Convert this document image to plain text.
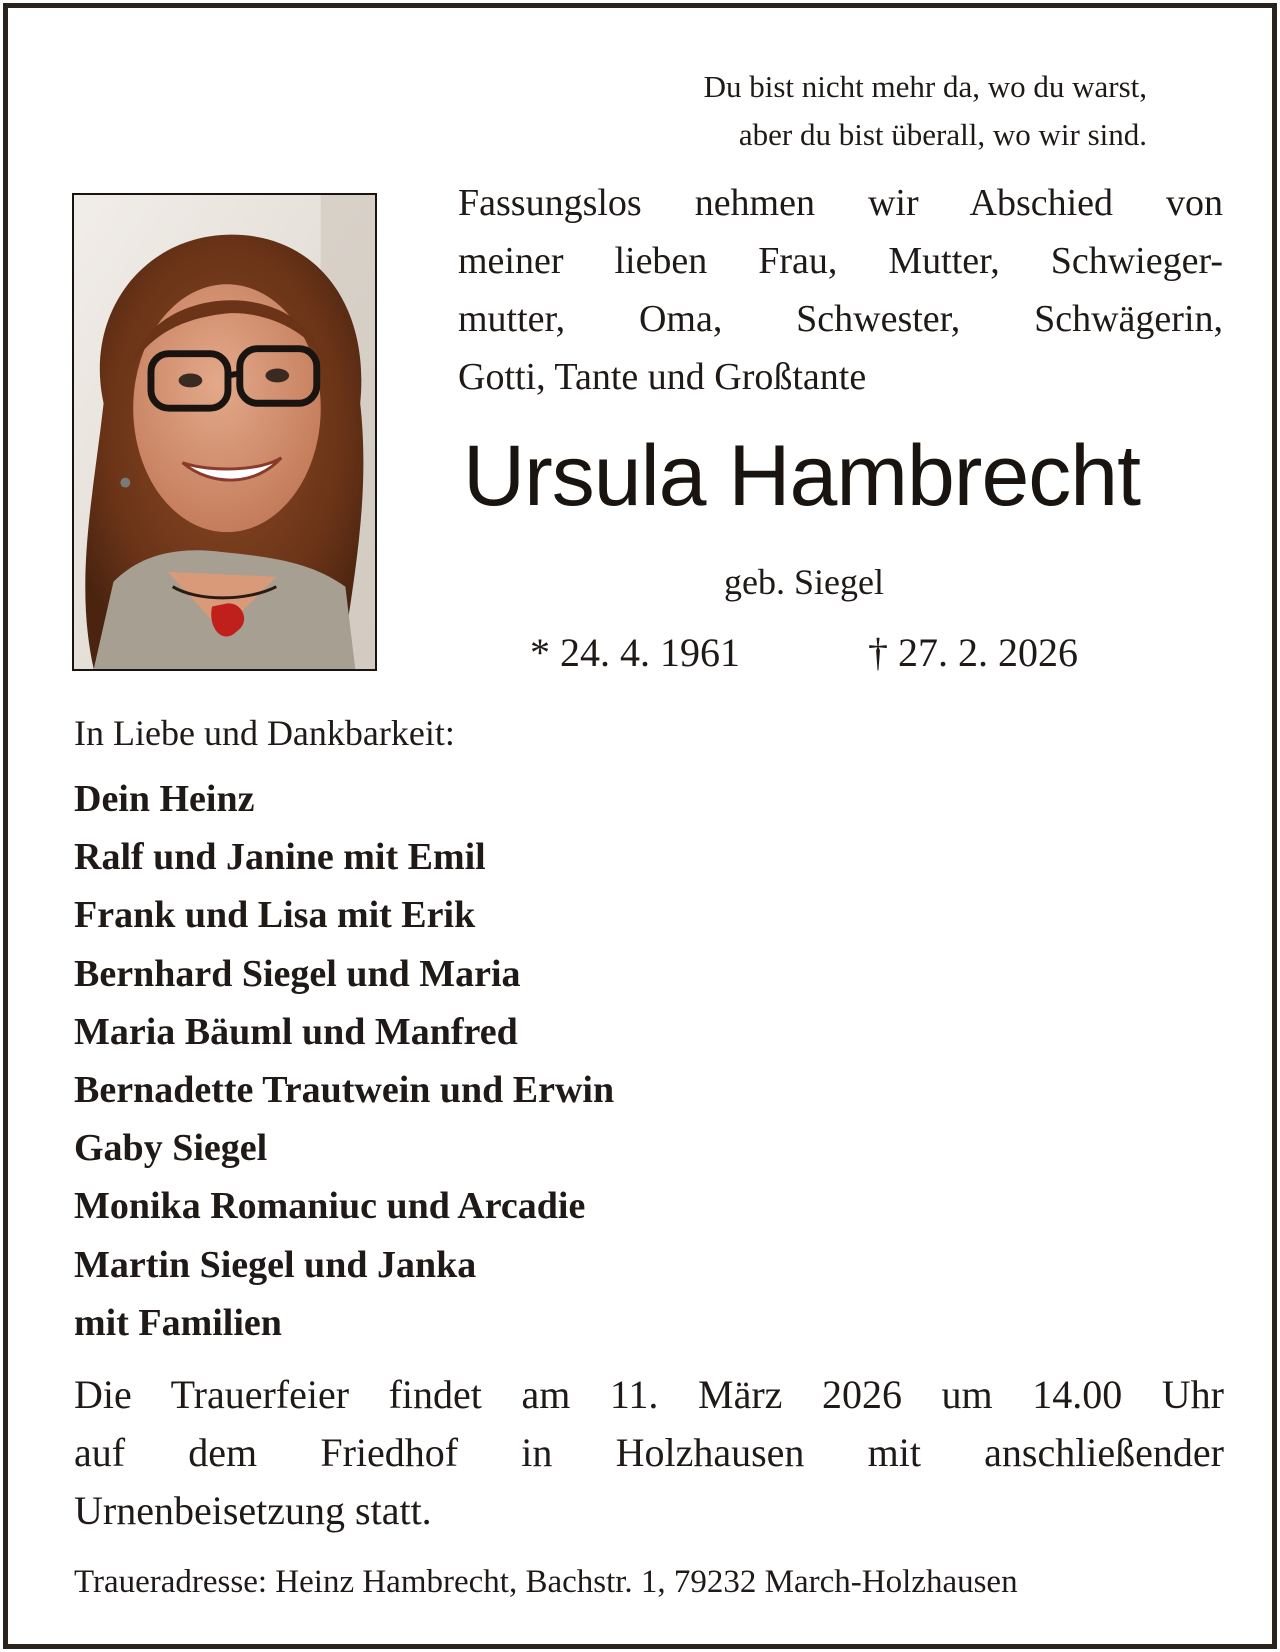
Du bist nicht mehr da, wo du warst,
aber du bist überall, wo wir sind.
Fassungslos nehmen wir Abschied von
meiner lieben Frau, Mutter, Schwieger-
mutter, Oma, Schwester, Schwägerin,
Gotti, Tante und Großtante
Ursula Hambrecht
geb. Siegel
* 24. 4. 1961	† 27. 2. 2026
In Liebe und Dankbarkeit:
Dein Heinz
Ralf und Janine mit Emil
Frank und Lisa mit Erik
Bernhard Siegel und Maria
Maria Bäuml und Manfred
Bernadette Trautwein und Erwin
Gaby Siegel
Monika Romaniuc und Arcadie
Martin Siegel und Janka
mit Familien
Die Trauerfeier findet am 11. März 2026 um 14.00 Uhr
auf dem Friedhof in Holzhausen mit anschließender
Urnenbeisetzung statt.
Traueradresse: Heinz Hambrecht, Bachstr. 1, 79232 March-Holzhausen
